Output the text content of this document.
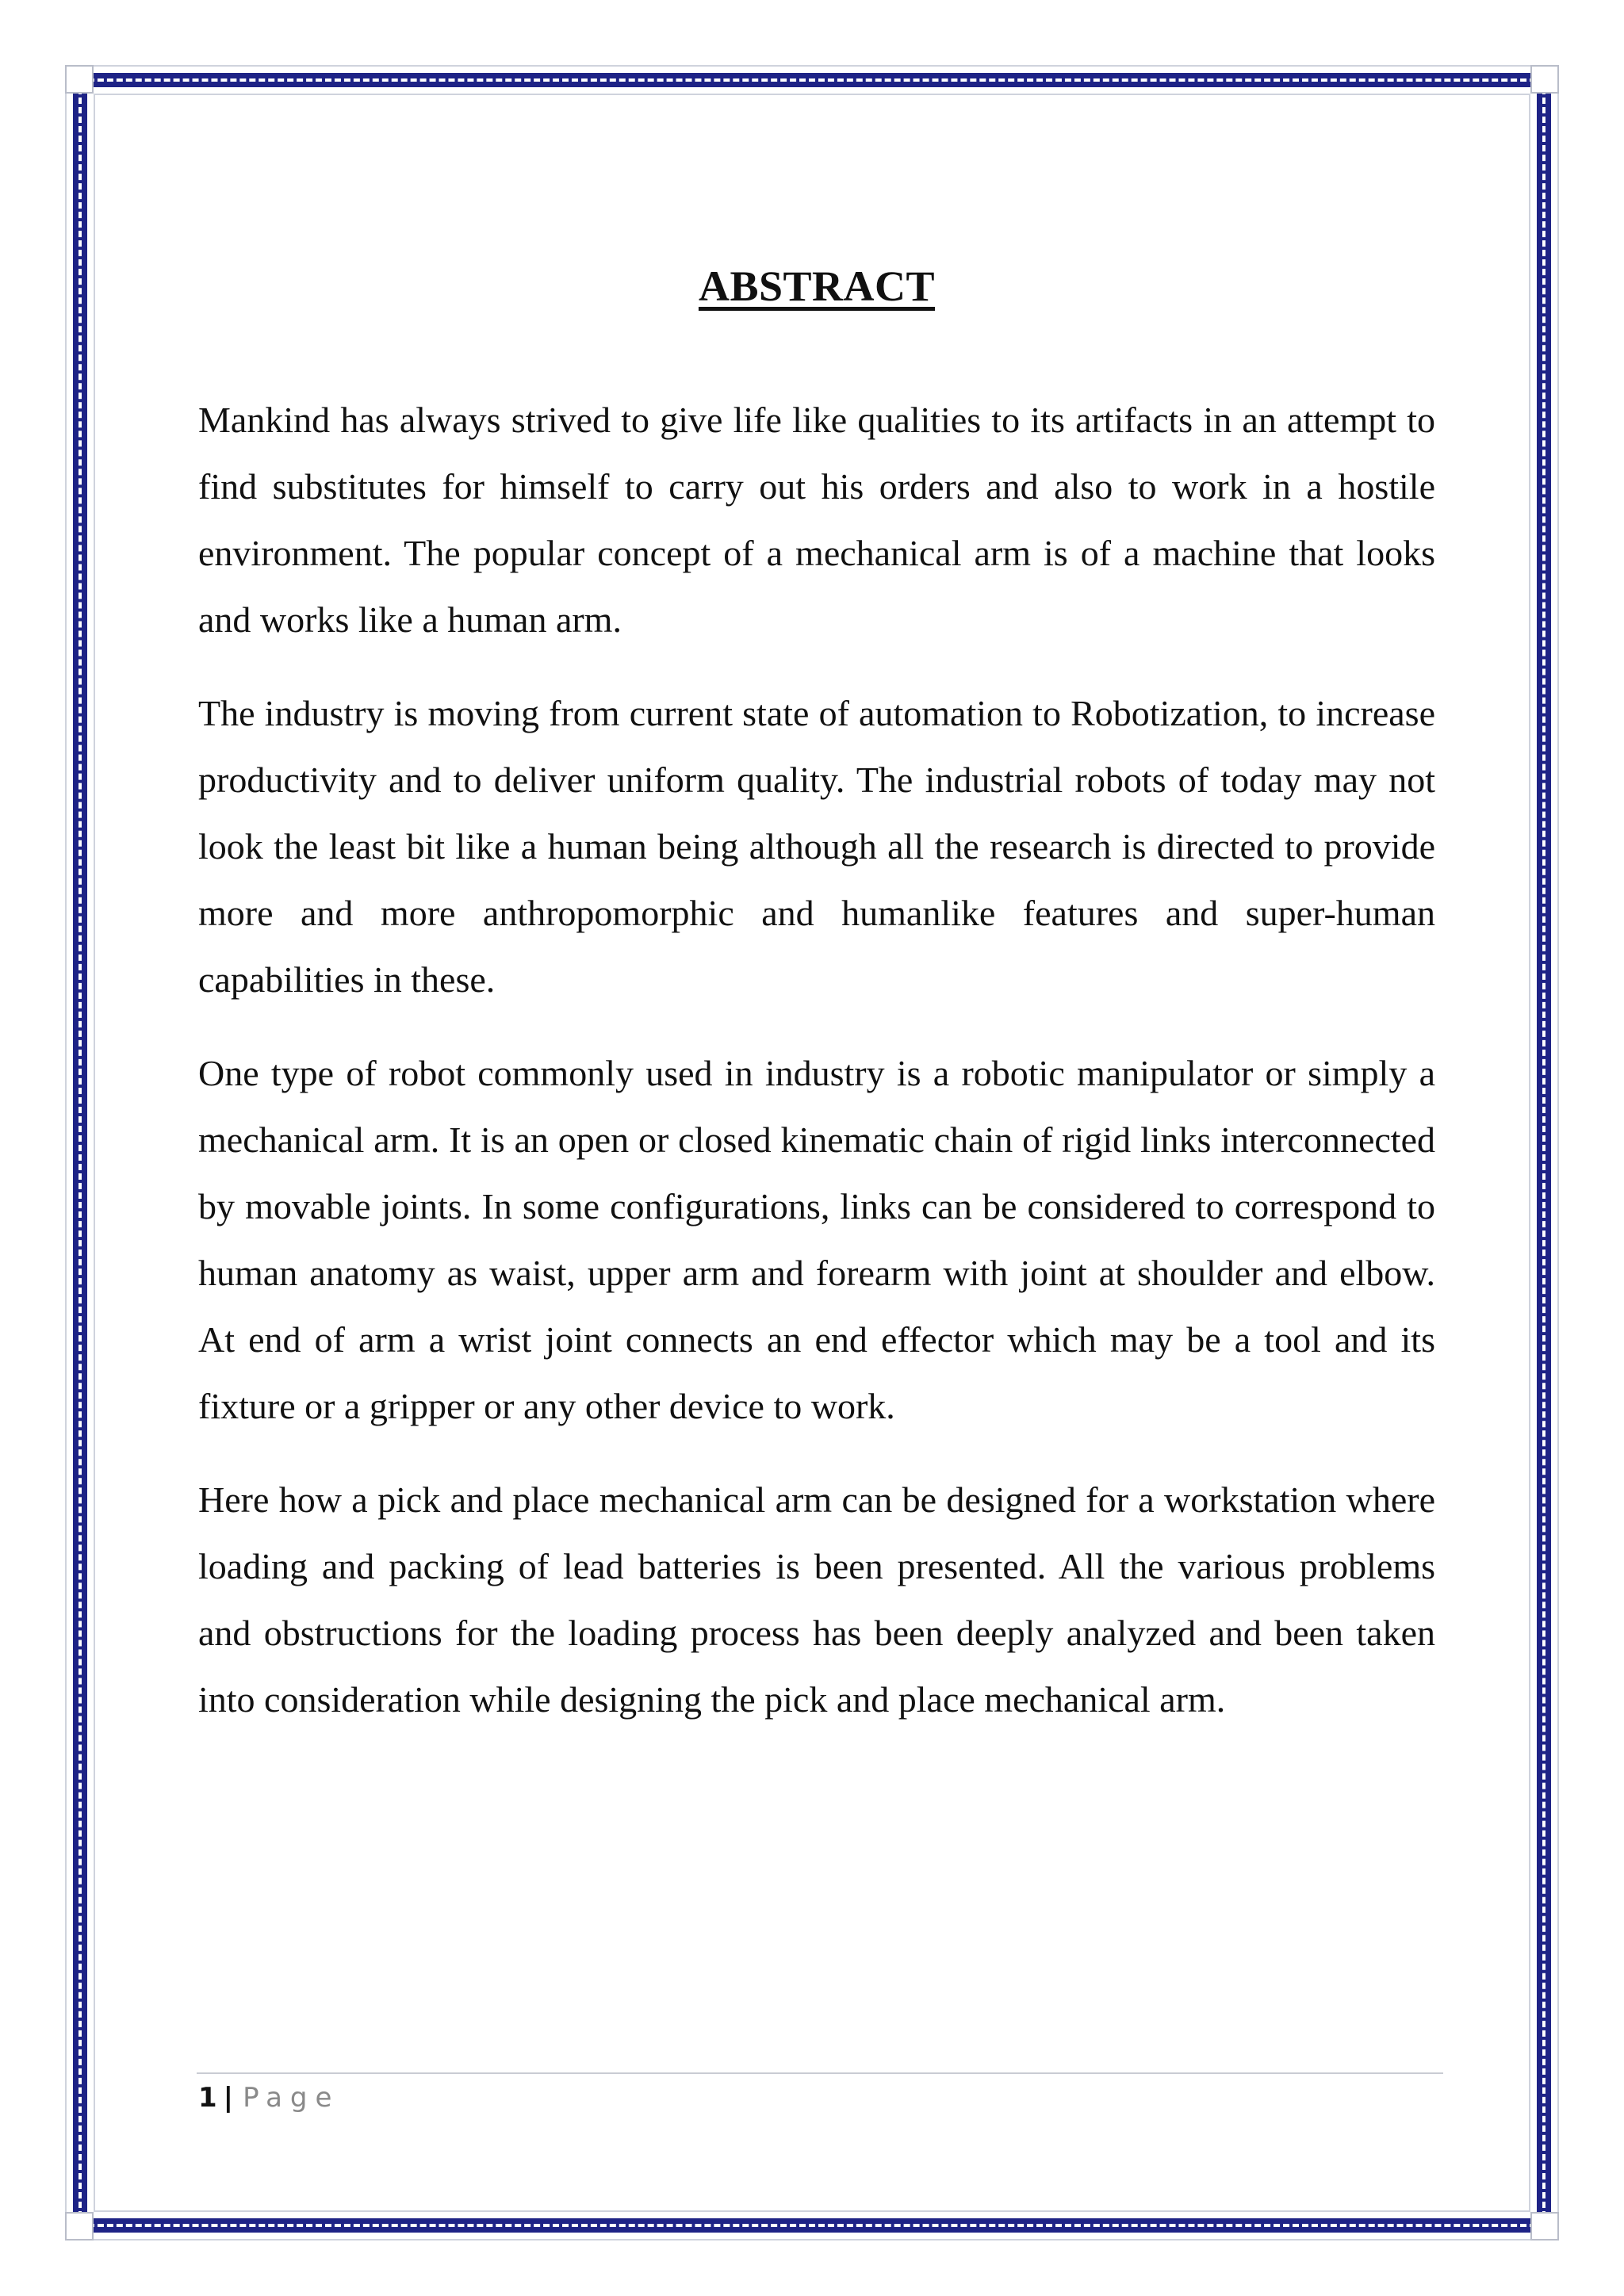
ABSTRACT

Mankind has always strived to give life like qualities to its artifacts in an attempt to find substitutes for himself to carry out his orders and also to work in a hostile environment. The popular concept of a mechanical arm is of a machine that looks and works like a human arm.

The industry is moving from current state of automation to Robotization, to increase productivity and to deliver uniform quality. The industrial robots of today may not look the least bit like a human being although all the research is directed to provide more and more anthropomorphic and humanlike features and super-human capabilities in these.

One type of robot commonly used in industry is a robotic manipulator or simply a mechanical arm. It is an open or closed kinematic chain of rigid links interconnected by movable joints. In some configurations, links can be considered to correspond to human anatomy as waist, upper arm and forearm with joint at shoulder and elbow. At end of arm a wrist joint connects an end effector which may be a tool and its fixture or a gripper or any other device to work.

Here how a pick and place mechanical arm can be designed for a workstation where loading and packing of lead batteries is been presented. All the various problems and obstructions for the loading process has been deeply analyzed and been taken into consideration while designing the pick and place mechanical arm.

1 | Page
